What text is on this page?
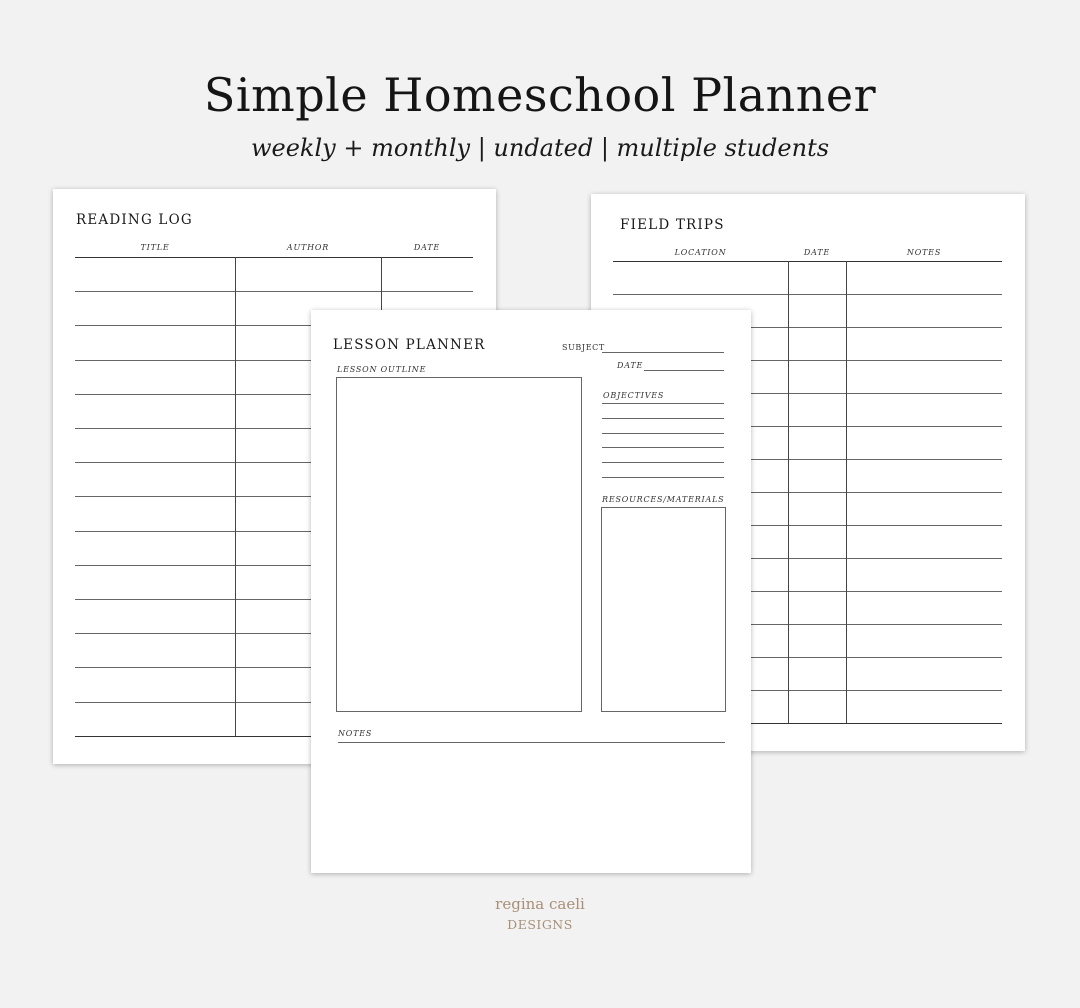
Simple Homeschool Planner
weekly + monthly | undated | multiple students
READING LOG
TITLE	AUTHOR	DATE
FIELD TRIPS
LOCATION	DATE	NOTES
LESSON PLANNER	SUBJECT
DATE
LESSON OUTLINE
OBJECTIVES
RESOURCES/MATERIALS
NOTES
regina caeli
DESIGNS
